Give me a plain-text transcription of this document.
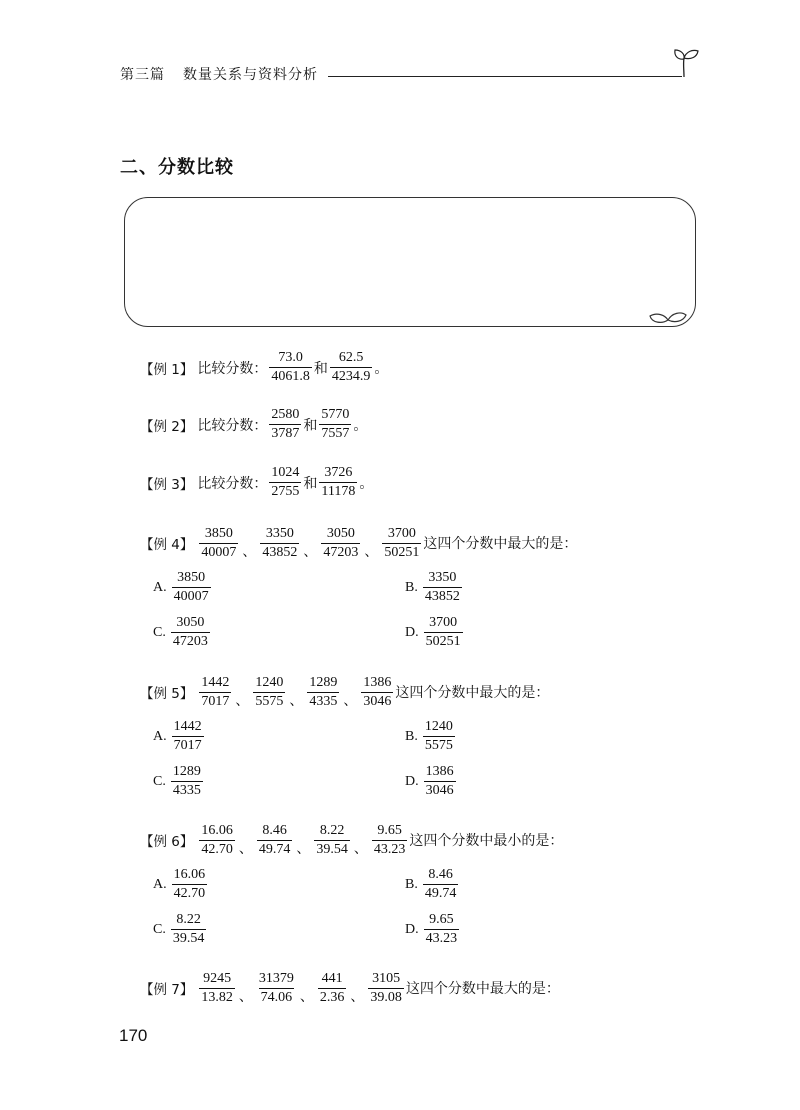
第三篇 数量关系与资料分析
二、分数比较
【例 1】 比较分数： $\frac{73.0}{4061.8}$ 和 $\frac{62.5}{4234.9}$ 。
【例 2】 比较分数： $\frac{2580}{3787}$ 和 $\frac{5770}{7557}$ 。
【例 3】 比较分数： $\frac{1024}{2755}$ 和 $\frac{3726}{11178}$ 。
【例 4】 $\frac{3850}{40007}$ 、 $\frac{3350}{43852}$ 、 $\frac{3050}{47203}$ 、 $\frac{3700}{50251}$ 这四个分数中最大的是：
A. $\frac{3850}{40007}$	B. $\frac{3350}{43852}$
C. $\frac{3050}{47203}$	D. $\frac{3700}{50251}$
【例 5】 $\frac{1442}{7017}$ 、 $\frac{1240}{5575}$ 、 $\frac{1289}{4335}$ 、 $\frac{1386}{3046}$ 这四个分数中最大的是：
A. $\frac{1442}{7017}$	B. $\frac{1240}{5575}$
C. $\frac{1289}{4335}$	D. $\frac{1386}{3046}$
【例 6】 $\frac{16.06}{42.70}$ 、 $\frac{8.46}{49.74}$ 、 $\frac{8.22}{39.54}$ 、 $\frac{9.65}{43.23}$ 这四个分数中最小的是：
A. $\frac{16.06}{42.70}$	B. $\frac{8.46}{49.74}$
C. $\frac{8.22}{39.54}$	D. $\frac{9.65}{43.23}$
【例 7】 $\frac{9245}{13.82}$ 、 $\frac{31379}{74.06}$ 、 $\frac{441}{2.36}$ 、 $\frac{3105}{39.08}$ 这四个分数中最大的是：
170
